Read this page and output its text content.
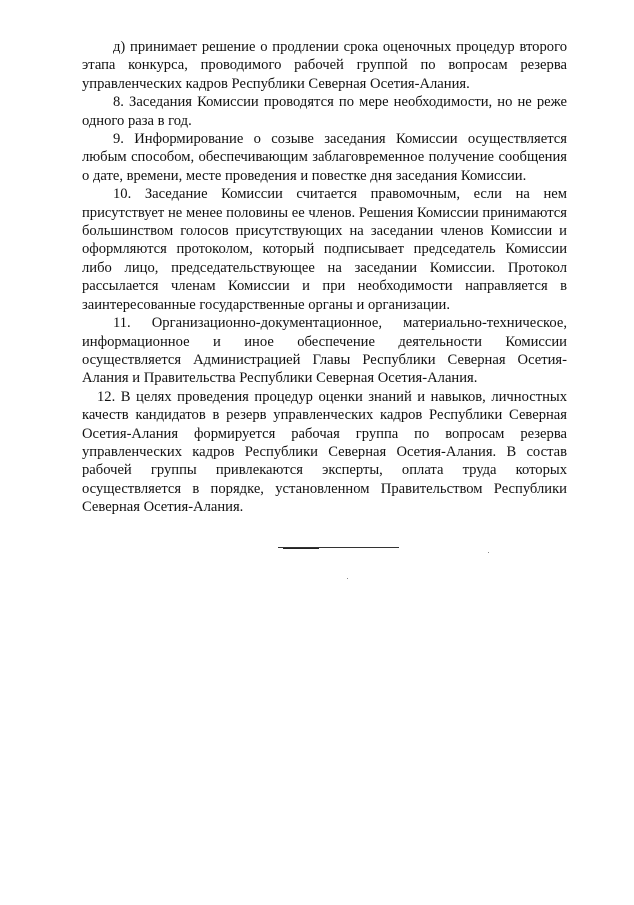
д) принимает решение о продлении срока оценочных процедур второго этапа конкурса, проводимого рабочей группой по вопросам резерва управленческих кадров Республики Северная Осетия-Алания.

8. Заседания Комиссии проводятся по мере необходимости, но не реже одного раза в год.

9. Информирование о созыве заседания Комиссии осуществляется любым способом, обеспечивающим заблаговременное получение сообщения о дате, времени, месте проведения и повестке дня заседания Комиссии.

10. Заседание Комиссии считается правомочным, если на нем присутствует не менее половины ее членов. Решения Комиссии принимаются большинством голосов присутствующих на заседании членов Комиссии и оформляются протоколом, который подписывает председатель Комиссии либо лицо, председательствующее на заседании Комиссии. Протокол рассылается членам Комиссии и при необходимости направляется в заинтересованные государственные органы и организации.

11. Организационно-документационное, материально-техническое, информационное и иное обеспечение деятельности Комиссии осуществляется Администрацией Главы Республики Северная Осетия-Алания и Правительства Республики Северная Осетия-Алания.

12. В целях проведения процедур оценки знаний и навыков, личностных качеств кандидатов в резерв управленческих кадров Республики Северная Осетия-Алания формируется рабочая группа по вопросам резерва управленческих кадров Республики Северная Осетия-Алания. В состав рабочей группы привлекаются эксперты, оплата труда которых осуществляется в порядке, установленном Правительством Республики Северная Осетия-Алания.
